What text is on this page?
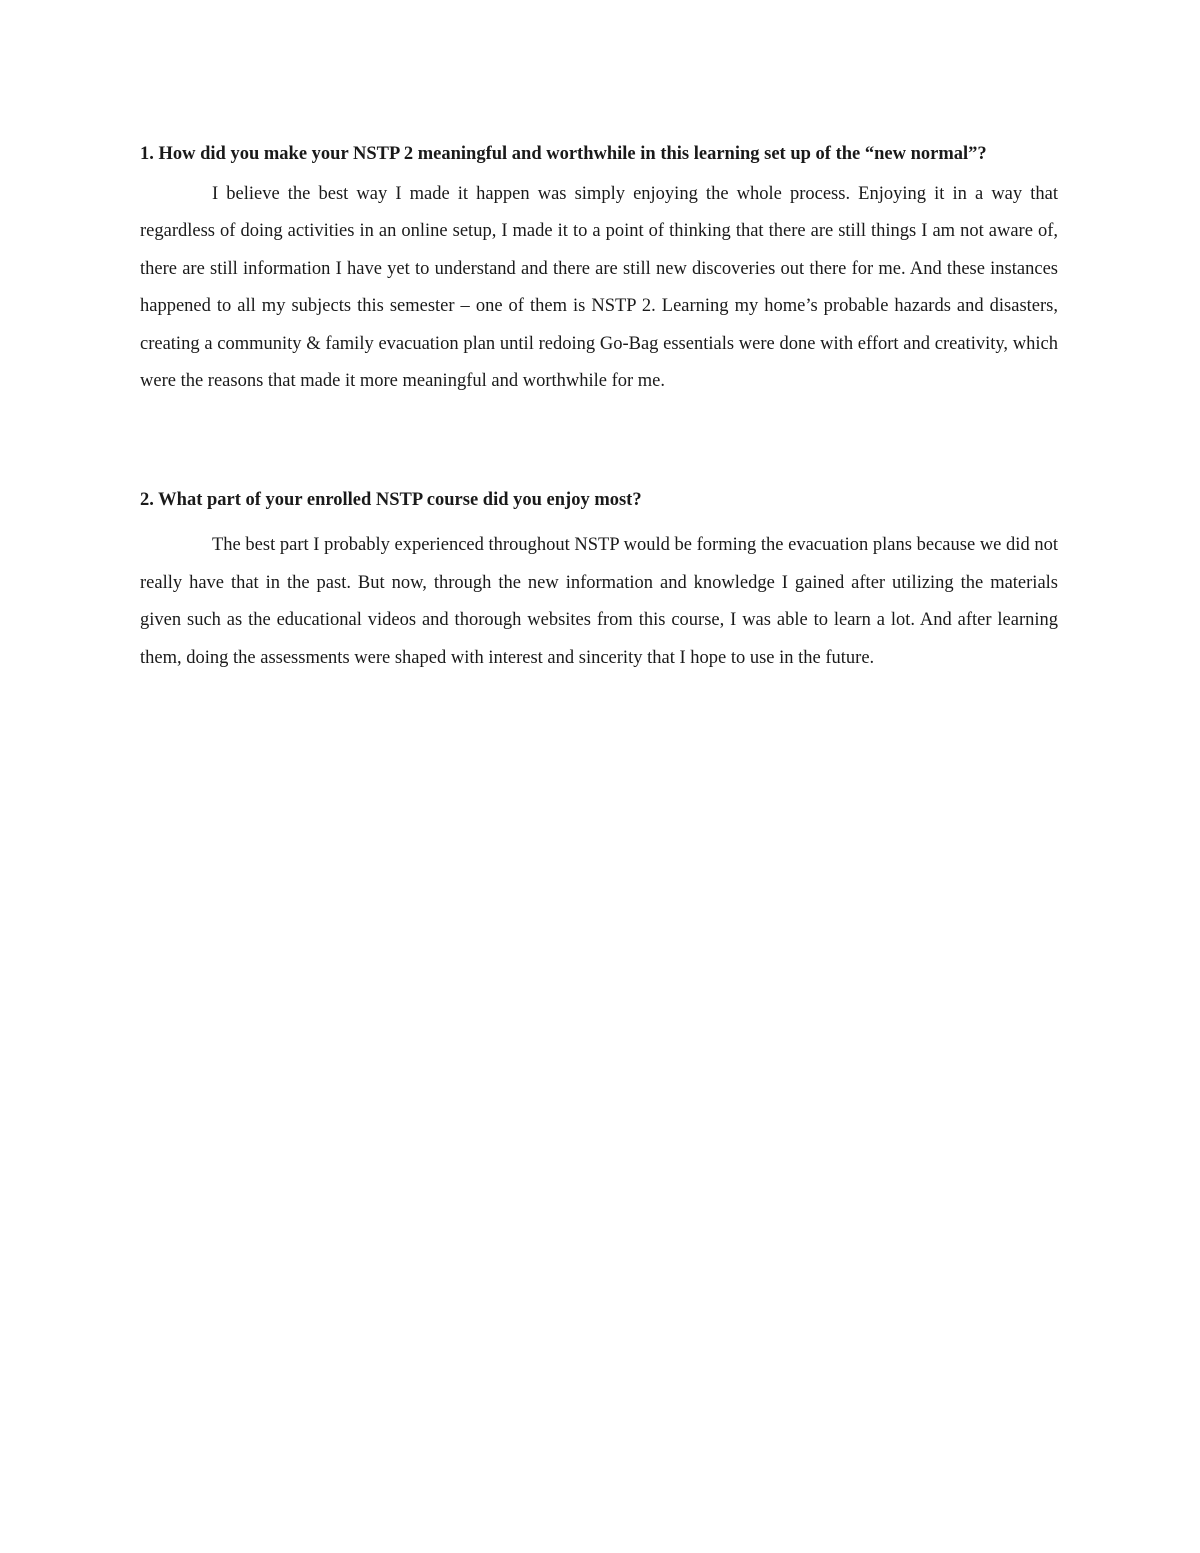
1. How did you make your NSTP 2 meaningful and worthwhile in this learning set up of the “new normal”?

I believe the best way I made it happen was simply enjoying the whole process. Enjoying it in a way that regardless of doing activities in an online setup, I made it to a point of thinking that there are still things I am not aware of, there are still information I have yet to understand and there are still new discoveries out there for me. And these instances happened to all my subjects this semester – one of them is NSTP 2. Learning my home’s probable hazards and disasters, creating a community & family evacuation plan until redoing Go-Bag essentials were done with effort and creativity, which were the reasons that made it more meaningful and worthwhile for me.

2. What part of your enrolled NSTP course did you enjoy most?

The best part I probably experienced throughout NSTP would be forming the evacuation plans because we did not really have that in the past. But now, through the new information and knowledge I gained after utilizing the materials given such as the educational videos and thorough websites from this course, I was able to learn a lot. And after learning them, doing the assessments were shaped with interest and sincerity that I hope to use in the future.
